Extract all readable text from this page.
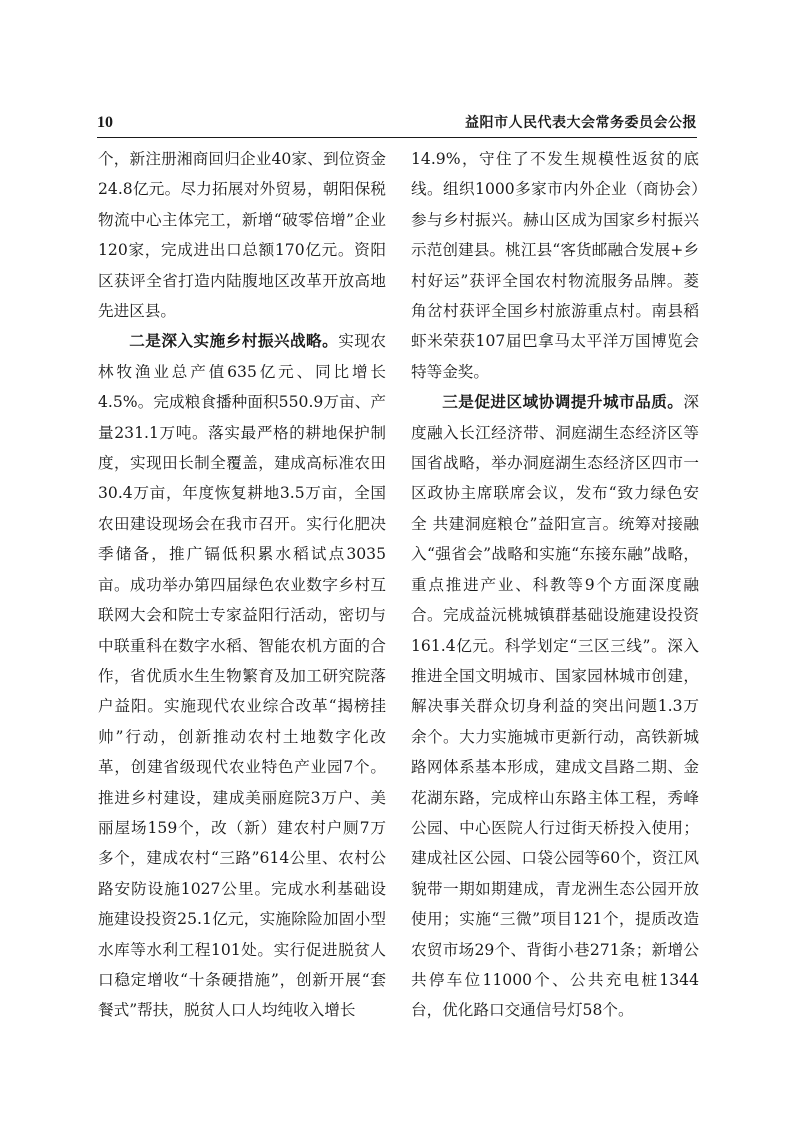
10	益阳市人民代表大会常务委员会公报

个，新注册湘商回归企业40家、到位资金24.8亿元。尽力拓展对外贸易，朝阳保税物流中心主体完工，新增“破零倍增”企业120家，完成进出口总额170亿元。资阳区获评全省打造内陆腹地区改革开放高地先进区县。

二是深入实施乡村振兴战略。实现农林牧渔业总产值635亿元、同比增长4.5%。完成粮食播种面积550.9万亩、产量231.1万吨。落实最严格的耕地保护制度，实现田长制全覆盖，建成高标准农田30.4万亩，年度恢复耕地3.5万亩，全国农田建设现场会在我市召开。实行化肥决季储备，推广镉低积累水稻试点3035亩。成功举办第四届绿色农业数字乡村互联网大会和院士专家益阳行活动，密切与中联重科在数字水稻、智能农机方面的合作，省优质水生生物繁育及加工研究院落户益阳。实施现代农业综合改革“揭榜挂帅”行动，创新推动农村土地数字化改革，创建省级现代农业特色产业园7个。推进乡村建设，建成美丽庭院3万户、美丽屋场159个，改（新）建农村户厕7万多个，建成农村“三路”614公里、农村公路安防设施1027公里。完成水利基础设施建设投资25.1亿元，实施除险加固小型水库等水利工程101处。实行促进脱贫人口稳定增收“十条硬措施”，创新开展“套餐式”帮扶，脱贫人口人均纯收入增长

14.9%，守住了不发生规模性返贫的底线。组织1000多家市内外企业（商协会）参与乡村振兴。赫山区成为国家乡村振兴示范创建县。桃江县“客货邮融合发展+乡村好运”获评全国农村物流服务品牌。菱角岔村获评全国乡村旅游重点村。南县稻虾米荣获107届巴拿马太平洋万国博览会特等金奖。

三是促进区域协调提升城市品质。深度融入长江经济带、洞庭湖生态经济区等国省战略，举办洞庭湖生态经济区四市一区政协主席联席会议，发布“致力绿色安全 共建洞庭粮仓”益阳宣言。统筹对接融入“强省会”战略和实施“东接东融”战略，重点推进产业、科教等9个方面深度融合。完成益沅桃城镇群基础设施建设投资161.4亿元。科学划定“三区三线”。深入推进全国文明城市、国家园林城市创建，解决事关群众切身利益的突出问题1.3万余个。大力实施城市更新行动，高铁新城路网体系基本形成，建成文昌路二期、金花湖东路，完成梓山东路主体工程，秀峰公园、中心医院人行过街天桥投入使用；建成社区公园、口袋公园等60个，资江风貌带一期如期建成，青龙洲生态公园开放使用；实施“三微”项目121个，提质改造农贸市场29个、背街小巷271条；新增公共停车位11000个、公共充电桩1344台，优化路口交通信号灯58个。
